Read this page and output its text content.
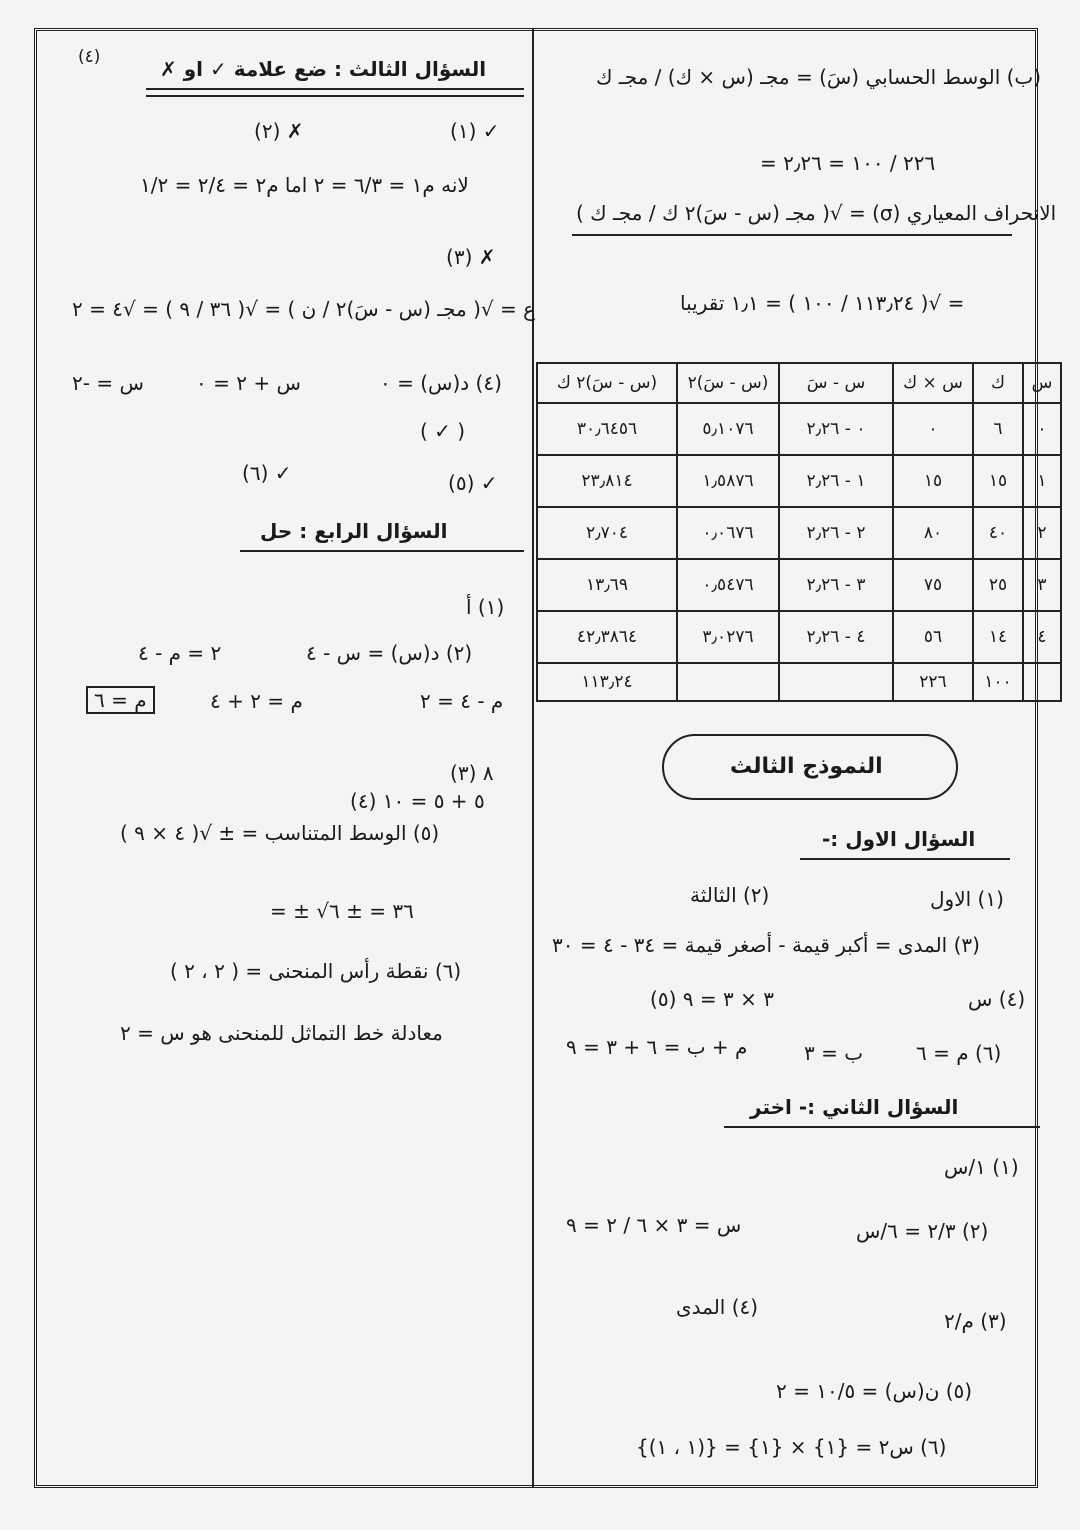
(٤)	السؤال الثالث : ضع علامة ✓ او ✗
(١) ✓
(٢) ✗
لانه م١ = ٦/٣ = ٢ اما م٢ = ٢/٤ = ١/٢
(٣) ✗
ع = √( مجـ (س - سَ)٢ / ن ) = √( ٣٦ / ٩ ) = √٤ = ٢
(٤) د(س) = ٠
س + ٢ = ٠
س = -٢
( ✓ )
(٥) ✓
(٦) ✓
السؤال الرابع : حل
(١) أ
(٢) د(س) = س - ٤
٢ = م - ٤
م - ٤ = ٢
م = ٢ + ٤
م = ٦
(٣) ٨
(٤) ٥ + ٥ = ١٠
(٥) الوسط المتناسب = ± √( ٤ × ٩ )
= ± √٣٦ = ± ٦
(٦) نقطة رأس المنحنى = ( ٢ ، ٢ )
معادلة خط التماثل للمنحنى هو س = ٢
(ب) الوسط الحسابي (سَ) = مجـ (س × ك) / مجـ ك
= ٢٢٦ / ١٠٠ = ٢٫٢٦
الانحراف المعياري (σ) = √( مجـ (س - سَ)٢ ك / مجـ ك )
= √( ١١٣٫٢٤ / ١٠٠ ) = ١٫١ تقريبا
س	ك	س × ك	س - سَ	(س - سَ)٢	(س - سَ)٢ ك
٠	٦	٠	٠ - ٢٫٢٦	٥٫١٠٧٦	٣٠٫٦٤٥٦
١	١٥	١٥	١ - ٢٫٢٦	١٫٥٨٧٦	٢٣٫٨١٤
٢	٤٠	٨٠	٢ - ٢٫٢٦	٠٫٠٦٧٦	٢٫٧٠٤
٣	٢٥	٧٥	٣ - ٢٫٢٦	٠٫٥٤٧٦	١٣٫٦٩
٤	١٤	٥٦	٤ - ٢٫٢٦	٣٫٠٢٧٦	٤٢٫٣٨٦٤
	١٠٠	٢٢٦			١١٣٫٢٤
النموذج الثالث
السؤال الاول :-
(١) الاول
(٢) الثالثة
(٣) المدى = أكبر قيمة - أصغر قيمة = ٣٤ - ٤ = ٣٠
(٤) س
(٥) ٣ × ٣ = ٩
(٦) م = ٦
ب = ٣
م + ب = ٦ + ٣ = ٩
السؤال الثاني :- اختر
(١) ١/س
(٢) ٢/٣ = ٦/س
س = ٣ × ٦ / ٢ = ٩
(٣) م/٢
(٤) المدى
(٥) ن(س) = ١٠/٥ = ٢
(٦) س٢ = {١} × {١} = {(١ ، ١)}
